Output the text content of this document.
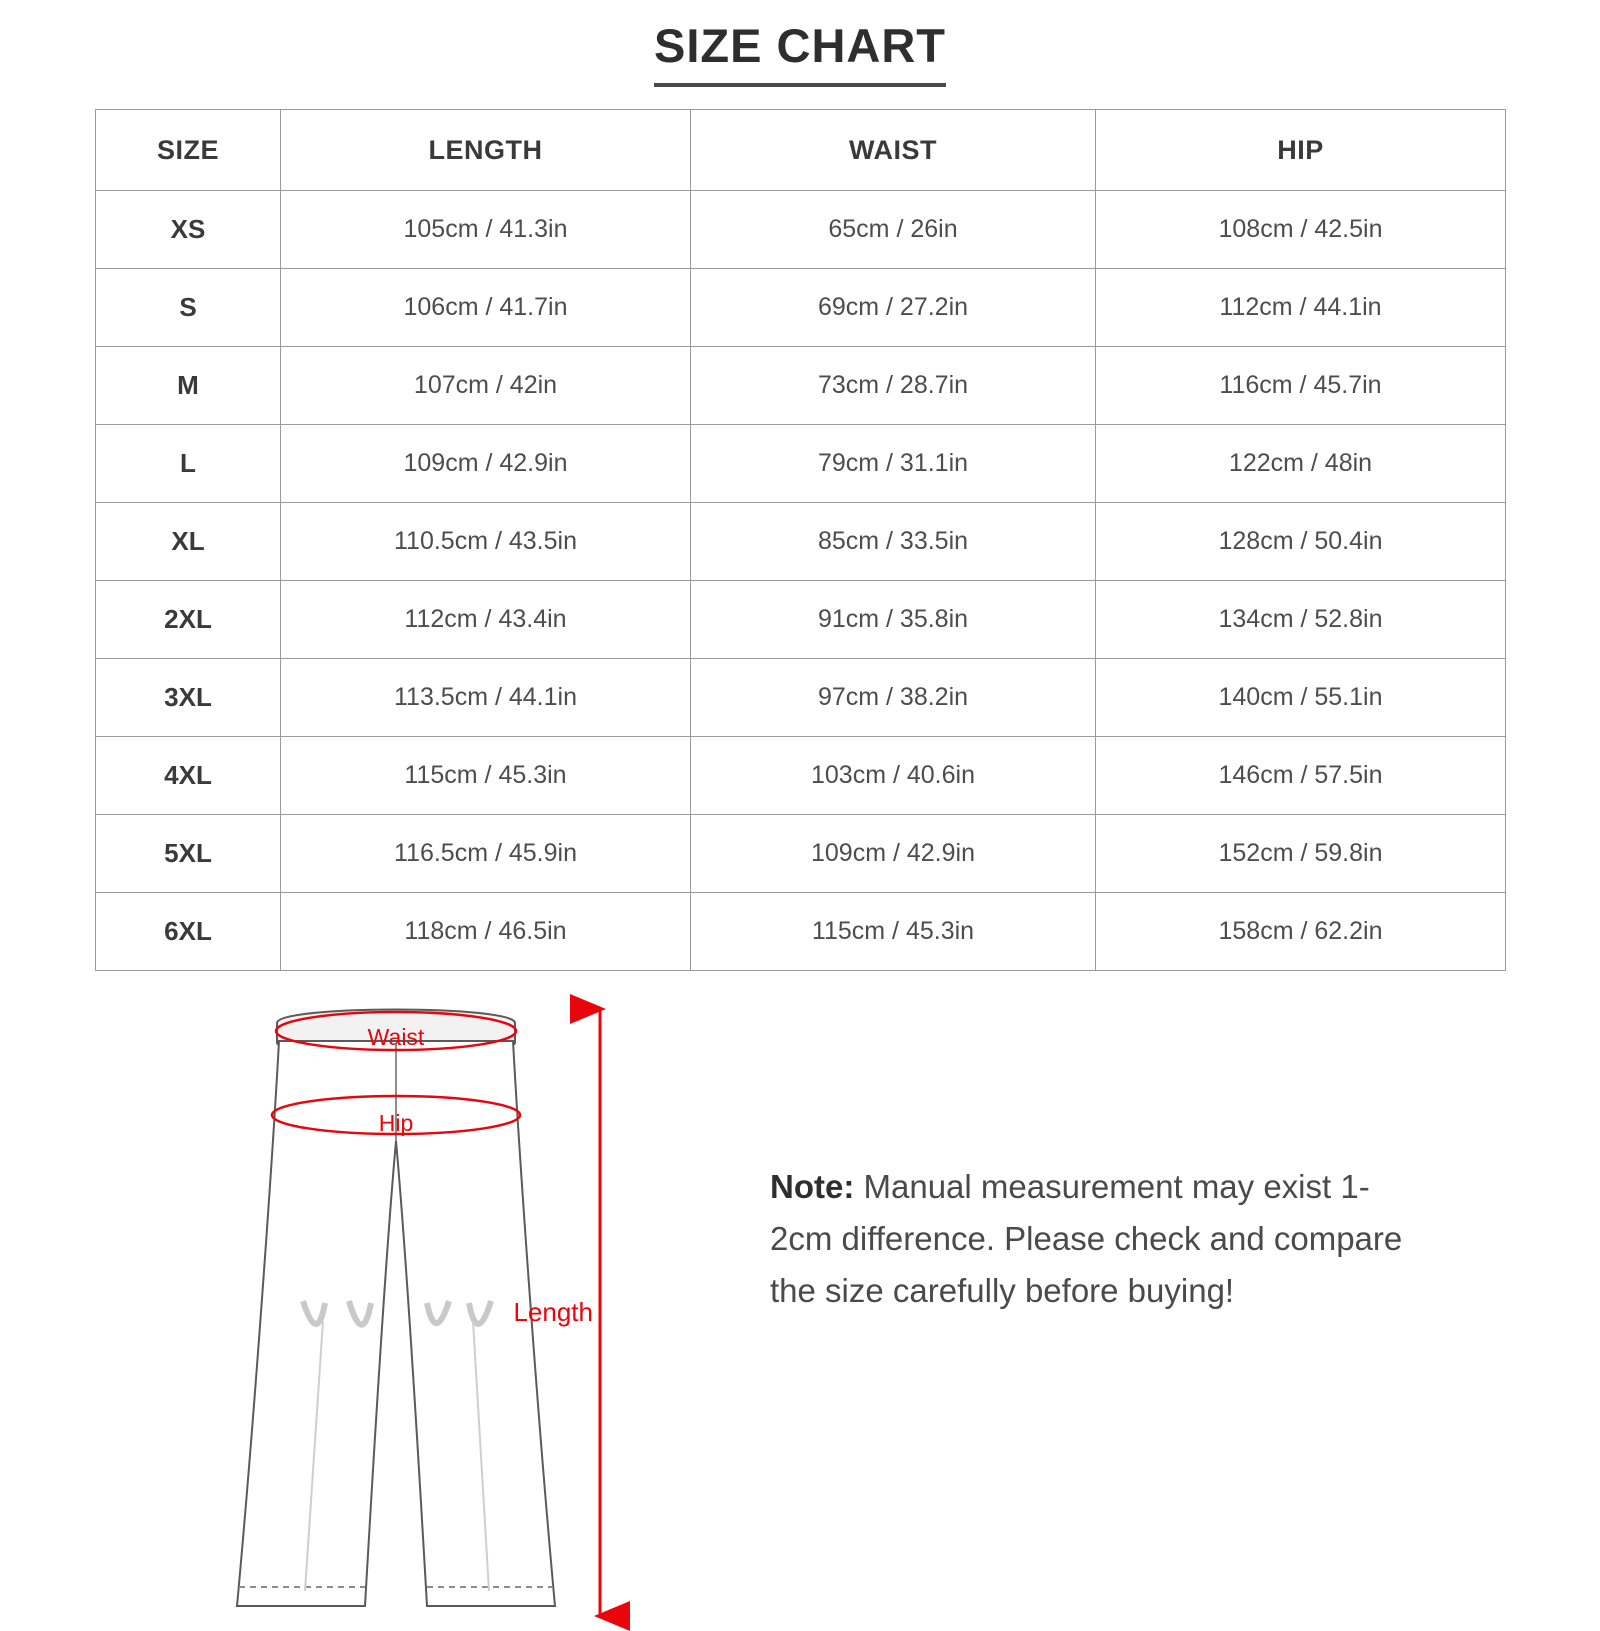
SIZE CHART
SIZE	LENGTH	WAIST	HIP
XS	105cm / 41.3in	65cm / 26in	108cm / 42.5in
S	106cm / 41.7in	69cm / 27.2in	112cm / 44.1in
M	107cm / 42in	73cm / 28.7in	116cm / 45.7in
L	109cm / 42.9in	79cm / 31.1in	122cm / 48in
XL	110.5cm / 43.5in	85cm / 33.5in	128cm / 50.4in
2XL	112cm / 43.4in	91cm / 35.8in	134cm / 52.8in
3XL	113.5cm / 44.1in	97cm / 38.2in	140cm / 55.1in
4XL	115cm / 45.3in	103cm / 40.6in	146cm / 57.5in
5XL	116.5cm / 45.9in	109cm / 42.9in	152cm / 59.8in
6XL	118cm / 46.5in	115cm / 45.3in	158cm / 62.2in
Waist
Hip
Length
Note: Manual measurement may exist 1-2cm difference. Please check and compare the size carefully before buying!
